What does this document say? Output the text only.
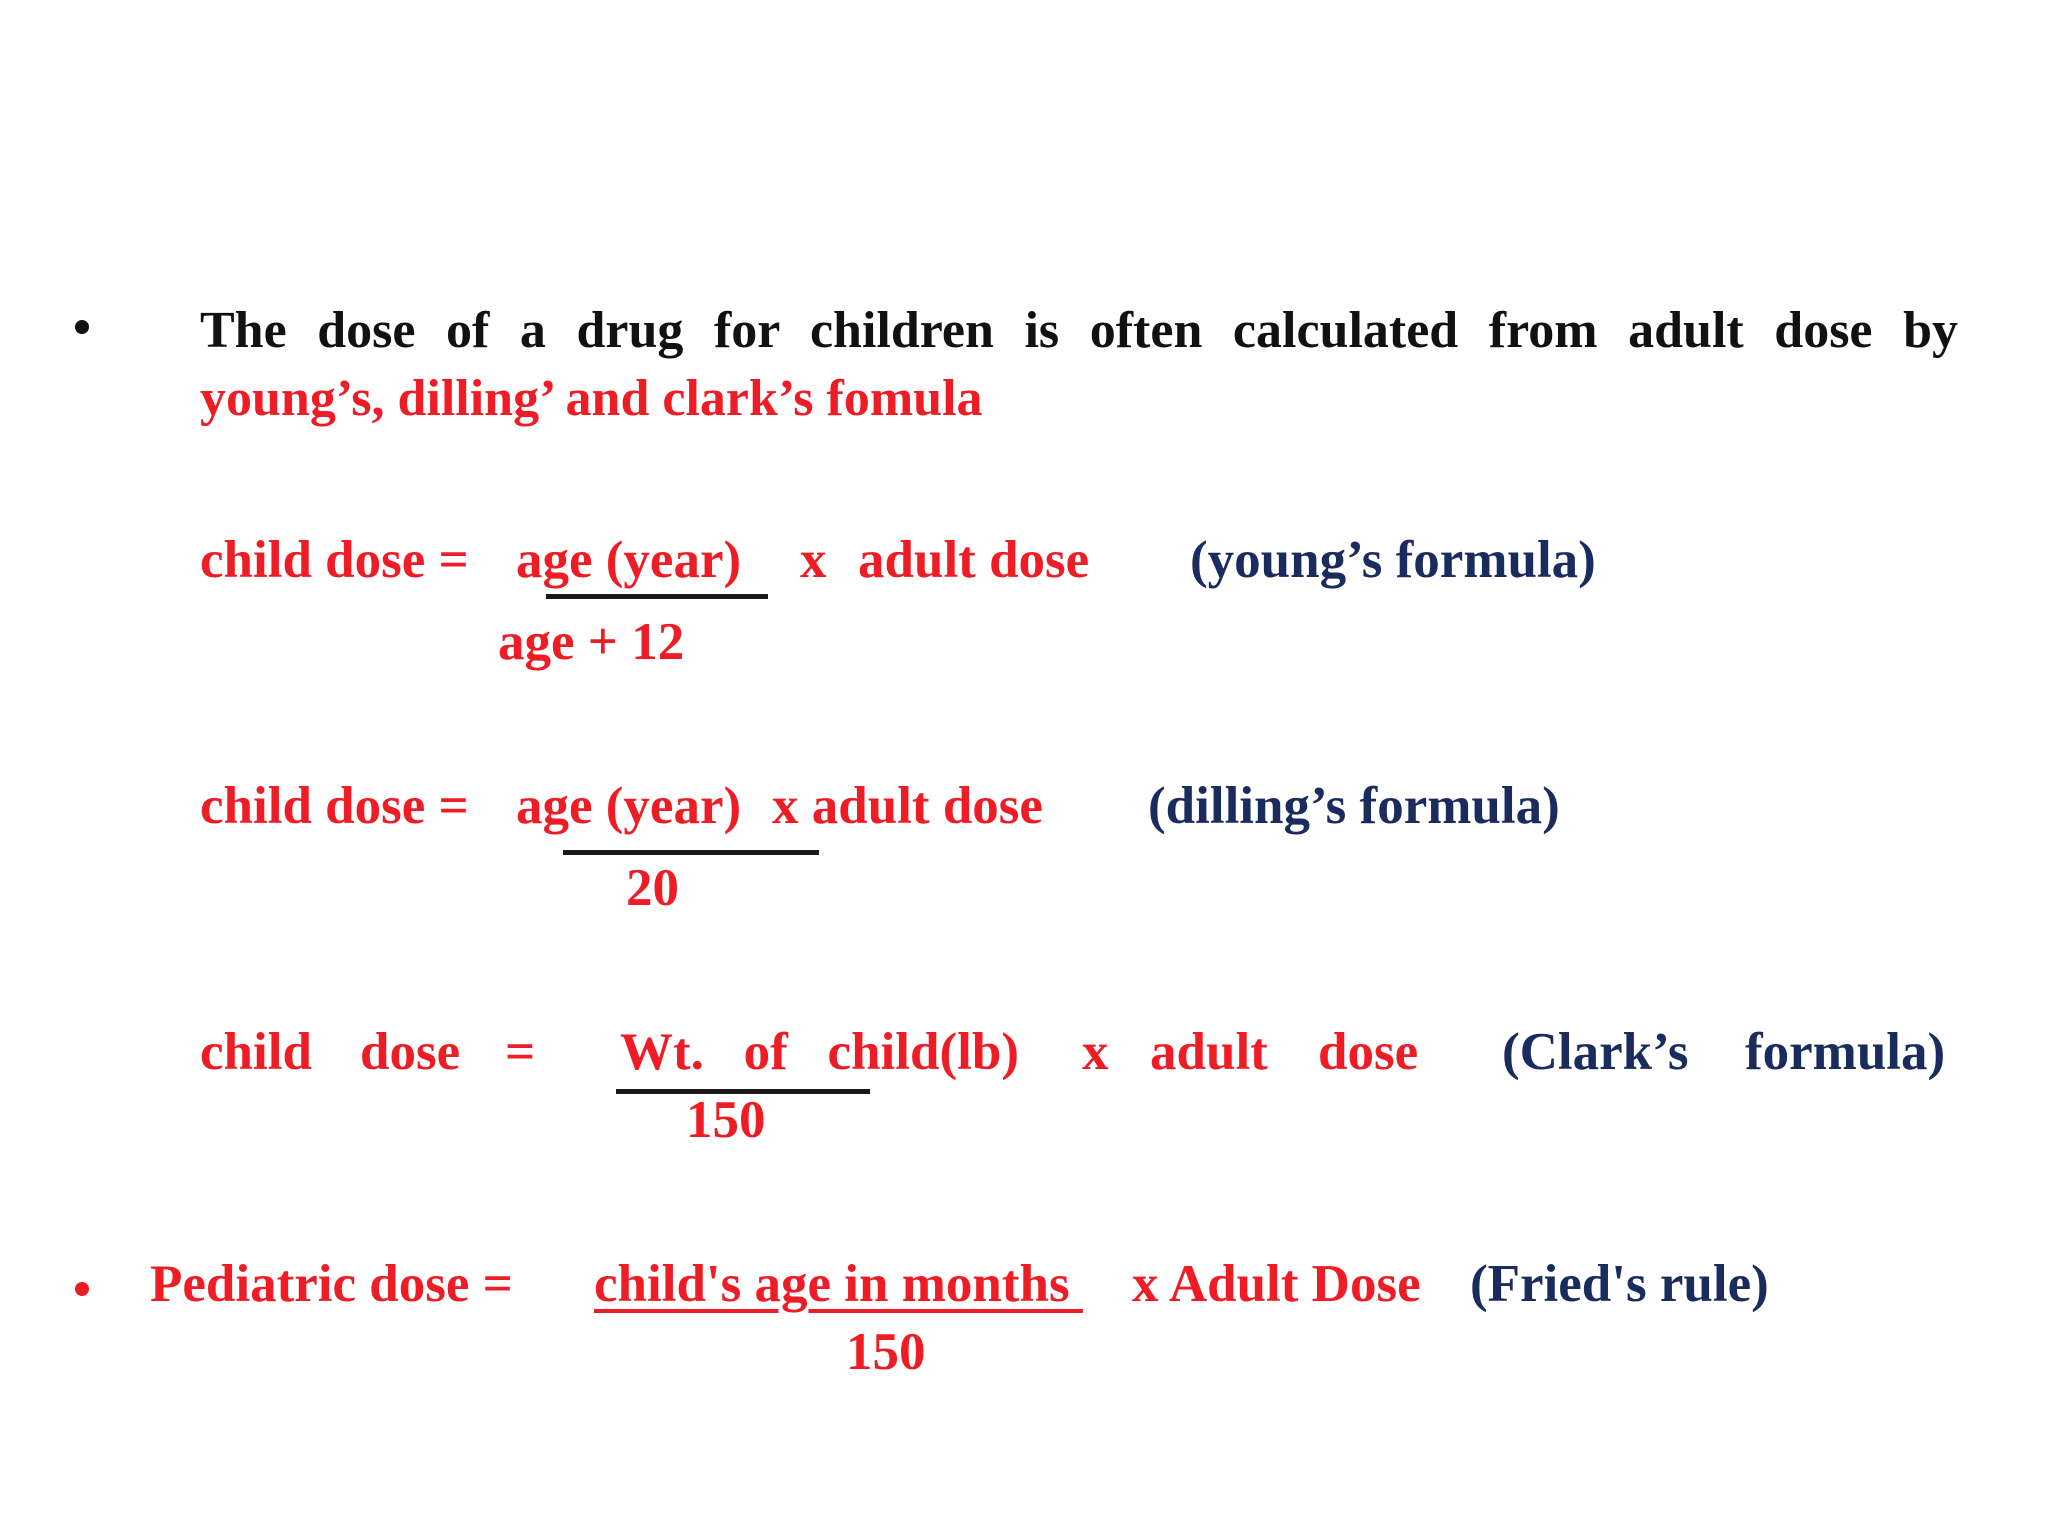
The dose of a drug for children is often calculated from adult dose by
young’s, dilling’ and clark’s fomula
child dose = age (year) x adult dose (young’s formula)
age + 12
child dose = age (year) x adult dose (dilling’s formula)
20
child dose = Wt.   of   child(lb) x adult dose (Clark’s formula)
150
Pediatric dose = child's age in months x Adult Dose (Fried's rule)
150
